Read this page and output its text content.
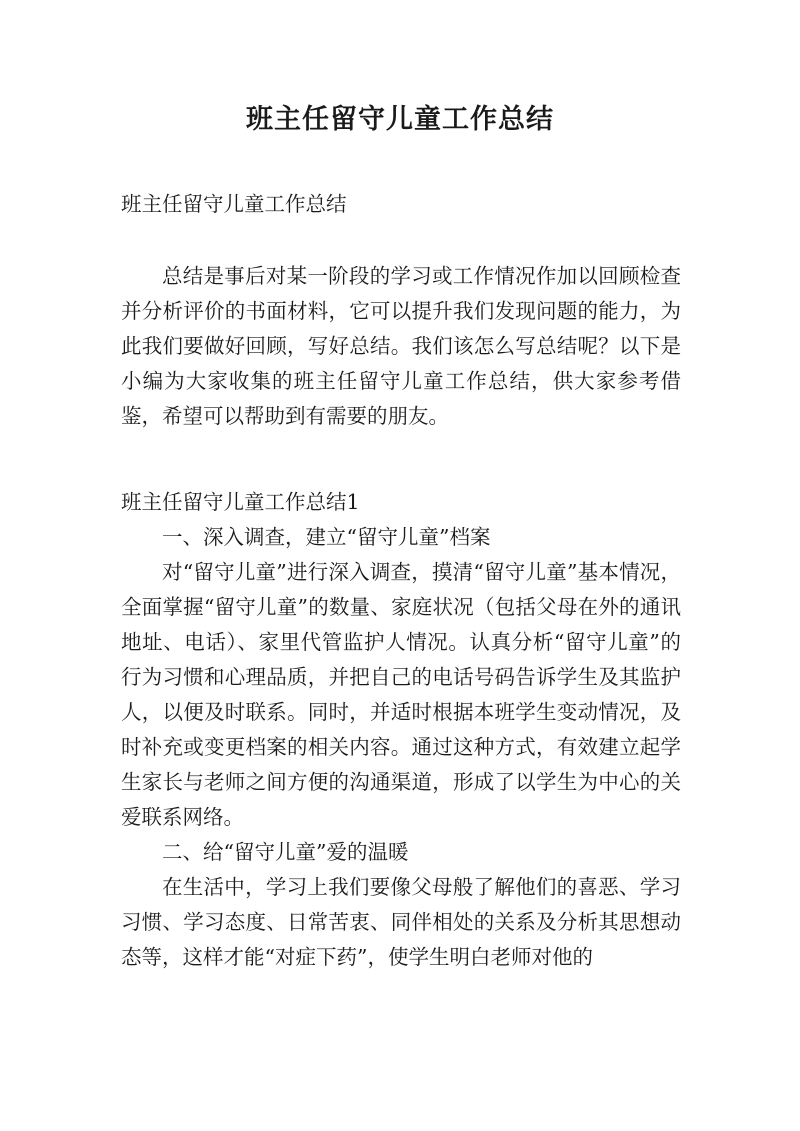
班主任留守儿童工作总结

班主任留守儿童工作总结

总结是事后对某一阶段的学习或工作情况作加以回顾检查并分析评价的书面材料，它可以提升我们发现问题的能力，为此我们要做好回顾，写好总结。我们该怎么写总结呢？以下是小编为大家收集的班主任留守儿童工作总结，供大家参考借鉴，希望可以帮助到有需要的朋友。

班主任留守儿童工作总结1

一、深入调查，建立“留守儿童”档案

对“留守儿童”进行深入调查，摸清“留守儿童”基本情况，全面掌握“留守儿童”的数量、家庭状况（包括父母在外的通讯地址、电话）、家里代管监护人情况。认真分析“留守儿童”的行为习惯和心理品质，并把自己的电话号码告诉学生及其监护人，以便及时联系。同时，并适时根据本班学生变动情况，及时补充或变更档案的相关内容。通过这种方式，有效建立起学生家长与老师之间方便的沟通渠道，形成了以学生为中心的关爱联系网络。

二、给“留守儿童”爱的温暖

在生活中，学习上我们要像父母般了解他们的喜恶、学习习惯、学习态度、日常苦衷、同伴相处的关系及分析其思想动态等，这样才能“对症下药”，使学生明白老师对他的
